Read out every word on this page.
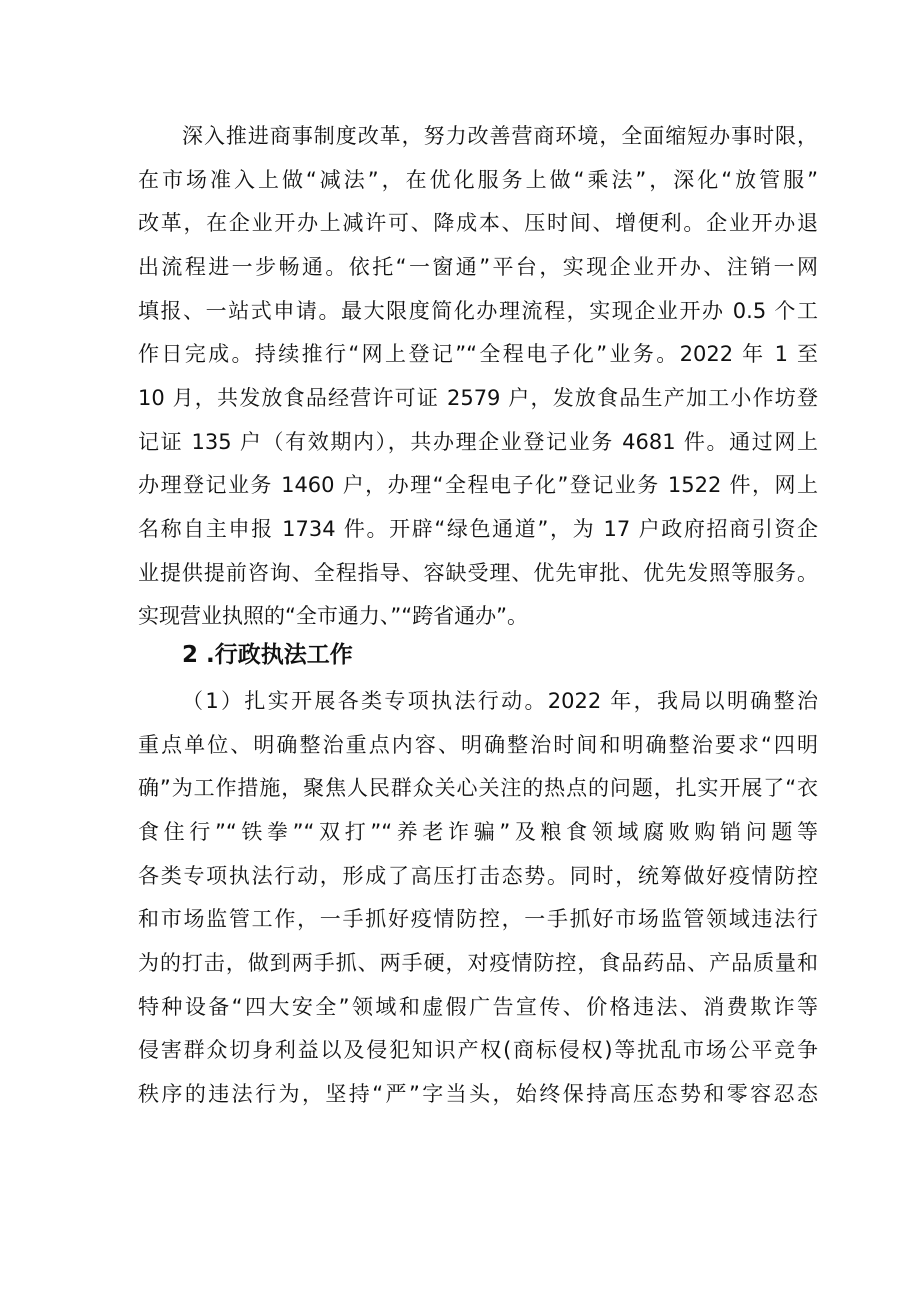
深入推进商事制度改革，努力改善营商环境，全面缩短办事时限，
在市场准入上做“减法”，在优化服务上做“乘法”，深化“放管服”
改革，在企业开办上减许可、降成本、压时间、增便利。企业开办退
出流程进一步畅通。依托“一窗通”平台，实现企业开办、注销一网
填报、一站式申请。最大限度简化办理流程，实现企业开办 0.5 个工
作日完成。持续推行“网上登记”“全程电子化”业务。2022 年 1 至
10 月，共发放食品经营许可证 2579 户，发放食品生产加工小作坊登
记证 135 户（有效期内），共办理企业登记业务 4681 件。通过网上
办理登记业务 1460 户，办理“全程电子化”登记业务 1522 件，网上
名称自主申报 1734 件。开辟“绿色通道”，为 17 户政府招商引资企
业提供提前咨询、全程指导、容缺受理、优先审批、优先发照等服务。
实现营业执照的“全市通力、”“跨省通办”。
2 .行政执法工作
（1）扎实开展各类专项执法行动。2022 年，我局以明确整治
重点单位、明确整治重点内容、明确整治时间和明确整治要求“四明
确”为工作措施，聚焦人民群众关心关注的热点的问题，扎实开展了“衣
食住行”“铁拳”“双打”“养老诈骗”及粮食领域腐败购销问题等
各类专项执法行动，形成了高压打击态势。同时，统筹做好疫情防控
和市场监管工作，一手抓好疫情防控，一手抓好市场监管领域违法行
为的打击，做到两手抓、两手硬，对疫情防控，食品药品、产品质量和
特种设备“四大安全”领域和虚假广告宣传、价格违法、消费欺诈等
侵害群众切身利益以及侵犯知识产权(商标侵权)等扰乱市场公平竞争
秩序的违法行为，坚持“严”字当头，始终保持高压态势和零容忍态
